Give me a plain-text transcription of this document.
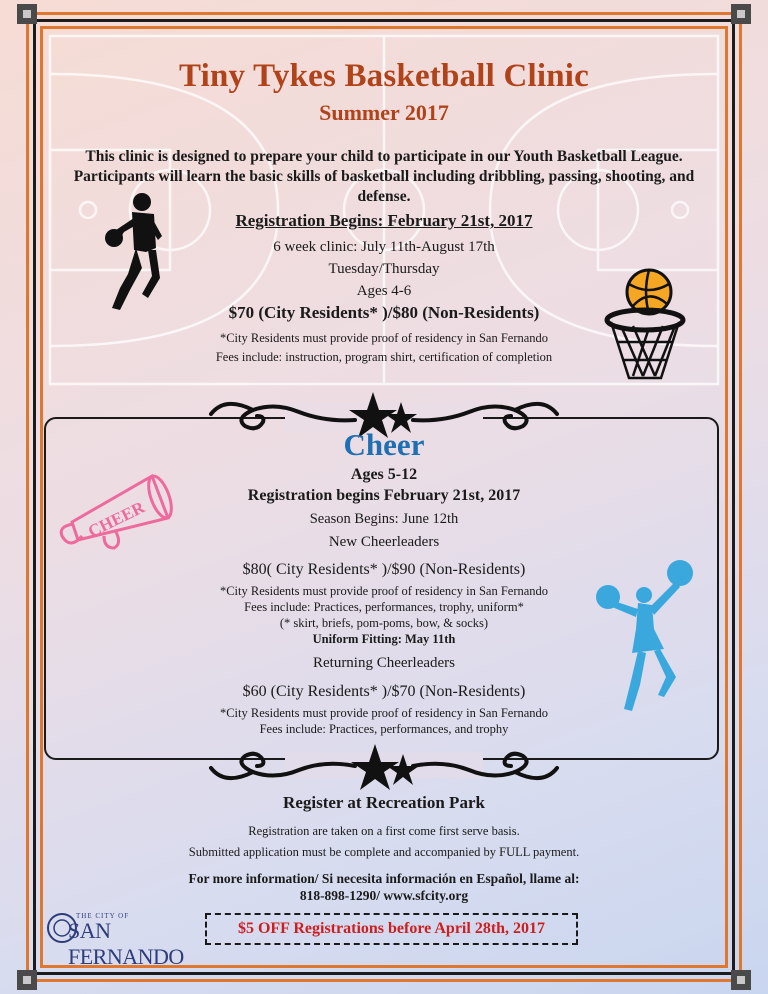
Tiny Tykes Basketball Clinic
Summer 2017

This clinic is designed to prepare your child to participate in our Youth Basketball League. Participants will learn the basic skills of basketball including dribbling, passing, shooting, and defense.

Registration Begins: February 21st, 2017

6 week clinic: July 11th-August 17th

Tuesday/Thursday

Ages 4-6

$70 (City Residents* )/$80 (Non-Residents)

*City Residents must provide proof of residency in San Fernando

Fees include: instruction, program shirt, certification of completion

Cheer

Ages 5-12

Registration begins February 21st, 2017

Season Begins: June 12th

New Cheerleaders

$80( City Residents* )/$90 (Non-Residents)

*City Residents must provide proof of residency in San Fernando

Fees include: Practices, performances, trophy, uniform*

(* skirt, briefs, pom-poms, bow, & socks)

Uniform Fitting: May 11th

Returning Cheerleaders

$60 (City Residents* )/$70 (Non-Residents)

*City Residents must provide proof of residency in San Fernando

Fees include: Practices, performances, and trophy

CHEER

Register at Recreation Park

Registration are taken on a first come first serve basis.

Submitted application must be complete and accompanied by FULL payment.

For more information/ Si necesita información en Español, llame al:

818-898-1290/ www.sfcity.org

THE CITY OF
SAN FERNANDO
$5 OFF Registrations before April 28th, 2017
